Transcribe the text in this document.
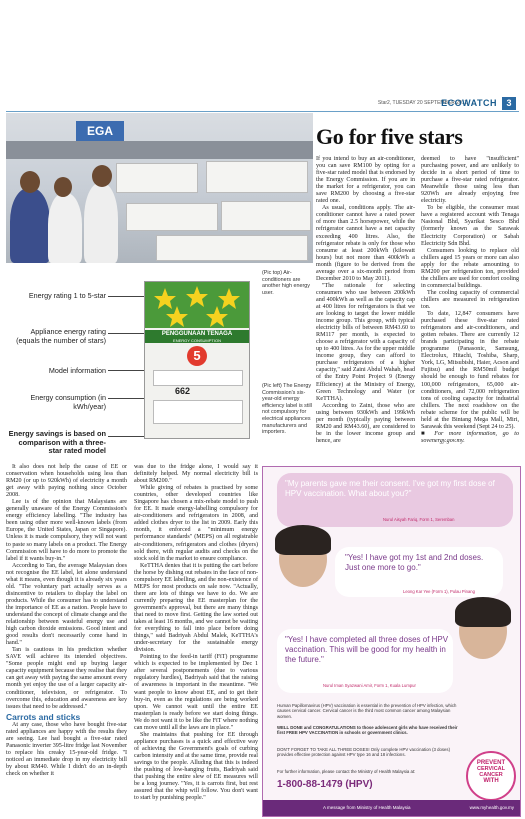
Star2, TUESDAY 20 SEPTEMBER 2011
ECOWATCH	3
EGA
(Pic top) Air-conditioners are another high energy user.
(Pic left) The Energy Commission's six-year-old energy efficiency label is still not compulsory for electrical appliances manufacturers and importers.
Energy rating 1 to 5-star
Appliance energy rating (equals the number of stars)
Model information
Energy consumption (in kWh/year)
Energy savings is based on comparison with a three-star rated model
PENGGUNAAN TENAGA
ENERGY CONSUMPTION
5
662
Go for five stars

If you intend to buy an air-conditioner, you can save RM100 by opting for a five-star rated model that is endorsed by the Energy Commission. If you are in the market for a refrigerator, you can save RM200 by choosing a five-star rated one.

As usual, conditions apply. The air-conditioner cannot have a rated power of more than 2.5 horsepower, while the refrigerator cannot have a net capacity exceeding 400 litres. Also, the refrigerator rebate is only for those who consume at least 200kWh (kilowatt hours) but not more than 400kWh a month (figure to be derived from the average over a six-month period from December 2010 to May 2011).

"The rationale for selecting consumers who use between 200kWh and 400kWh as well as the capacity cap at 400 litres for refrigerators is that we are looking to target the lower middle income group. This group, with typical electricity bills of between RM43.60 to RM117 per month, is expected to choose a refrigerator with a capacity of up to 400 litres. As for the upper middle income group, they can afford to purchase refrigerators of a higher capacity," said Zaini Abdul Wahab, head of the Entry Point Project 9 (Energy Efficiency) at the Ministry of Energy, Green Technology and Water (or KeTTHA).

According to Zaini, those who are using between 930kWh and 199kWh per month (typically paying between RM20 and RM43.60), are considered to be in the lower income group and hence, are

deemed to have "insufficient" purchasing power, and are unlikely to decide in a short period of time to purchase a five-star rated refrigerator. Meanwhile those using less than 920Wh are already enjoying free electricity.

To be eligible, the consumer must have a registered account with Tenaga Nasional Bhd, Syarikat Sesco Bhd (formerly known as the Sarawak Electricity Corporation) or Sabah Electricity Sdn Bhd.

Consumers looking to replace old chillers aged 15 years or more can also apply for the rebate amounting to RM200 per refrigeration ton, provided the chillers are used for comfort cooling in commercial buildings.

The cooling capacity of commercial chillers are measured in refrigeration ton.

To date, 12,847 consumers have purchased these five-star rated refrigerators and air-conditioners, and gotten rebates. There are currently 12 brands participating in the rebate programme (Panasonic, Samsung, Electrolux, Hitachi, Toshiba, Sharp, York, LG, Mitsubishi, Haier, Acson and Fujitsu) and the RM50mil budget should be enough to fund rebates for 100,000 refrigerators, 65,000 air-conditioners, and 72,000 refrigeration tons of cooling capacity for industrial chillers. The next roadshow on the rebate scheme for the public will be held at the Bintang Mega Mall, Miri, Sarawak this weekend (Sept 24 to 25).

■ For more information, go to sovenergy.gov.my.

It also does not help the cause of EE or conservation when households using less than RM20 (or up to 920kWh) of electricity a month get away with paying nothing since October 2008.

Lee is of the opinion that Malaysians are generally unaware of the Energy Commission's energy efficiency labelling. "The industry has been using other more well-known labels (from Europe, the United States, Japan or Singapore). Unless it is made compulsory, they will not want to paste so many labels on a product. The Energy Commission will have to do more to promote the label if it wants buy-in."

According to Tan, the average Malaysian does not recognise the EE label, let alone understand what it means, even though it is already six years old. "The voluntary part actually serves as a disincentive to retailers to display the label on products. While the consumer has to understand the importance of EE as a nation. People have to understand the concept of climate change and the relationship between wasteful energy use and high carbon dioxide emissions. Good intent and good results don't necessarily come hand in hand."

Tan is cautious in his prediction whether SAVE will achieve its intended objectives. "Some people might end up buying larger capacity equipment because they realise that they can get away with paying the same amount every month yet enjoy the use of a larger capacity air-conditioner, television, or refrigerator. To overcome this, education and awareness are key issues that need to be addressed."

Carrots and sticks

At any case, those who have bought five-star rated appliances are happy with the results they are seeing. Lee had bought a five-star rated Panasonic inverter 395-litre fridge last November to replace his creaky 15-year-old fridge. "I noticed an immediate drop in my electricity bill by about RM40. While I didn't do an in-depth check on whether it

was due to the fridge alone, I would say it definitely helped. My normal electricity bill is about RM200."

While giving of rebates is practised by some countries, other developed countries like Singapore has chosen a mix-rebate model to push for EE. It made energy-labelling compulsory for air-conditioners and refrigerators in 2008, and added clothes dryer to the list in 2009. Early this month, it enforced a "minimum energy performance standards" (MEPS) on all registrable air-conditioners, refrigerators and clothes (dryers) sold there, with regular audits and checks on the stock sold in the market to ensure compliance.

KeTTHA denies that it is putting the cart before the horse by dishing out rebates in the face of non-compulsory EE labelling, and the non-existence of MEPS for most products on sale now. "Actually, there are lots of things we have to do. We are currently preparing the EE masterplan for the government's approval, but there are many things that need to move first. Getting the law sorted out takes at least 16 months, and we cannot be waiting for everything to fall into place before doing things," said Badriyah Abdul Malek, KeTTHA's under-secretary for the sustainable energy division.

Pointing to the feed-in tariff (FiT) programme which is expected to be implemented by Dec 1 after several postponements (due to various regulatory hurdles), Badriyah said that the raising of awareness is important in the meantime. "We want people to know about EE, and to get their buy-in, even as the regulations are being worked upon. We cannot wait until the entire EE masterplan is ready before we start doing things. We do not want it to be like the FiT where nothing can move until all the laws are in place."

She maintains that pushing for EE through appliance purchases is a quick and effective way of achieving the Government's goals of curbing carbon intensity and at the same time, provide real savings to the people. Alluding that this is indeed the pushing of low-hanging fruits, Badriyah said that pushing the entire slew of EE measures will be a long journey. "Yes, it is carrots first, but rest assured that the whip will follow. You don't want to start by punishing people."

"My parents gave me their consent. I've got my first dose of HPV vaccination. What about you?"
Nurul Aisyah Fariq, Form 1, Seremban
"Yes! I have got my 1st and 2nd doses. Just one more to go."
Leong Kar Yee (Form 1), Pulau Pinang
"Yes! I have completed all three doses of HPV vaccination. This will be good for my health in the future."
Nurul Iman Syazwani Amir, Form 1, Kuala Lumpur
Human Papillomavirus (HPV) vaccination is essential in the prevention of HPV infection, which causes cervical cancer. Cervical cancer is the third most common cancer among Malaysian women.
WELL DONE and CONGRATULATIONS to those adolescent girls who have received their first FREE HPV VACCINATION in schools or government clinics.
DON'T FORGET TO TAKE ALL THREE DOSES! Only complete HPV vaccination (3 doses) provides effective protection against HPV type 16 and 18 infections.
For further information, please contact the Ministry of Health Malaysia at:
1-800-88-1479 (HPV)
PREVENT
CERVICAL CANCER
WITH
A message from Ministry of Health Malaysia	www.myhealth.gov.my
